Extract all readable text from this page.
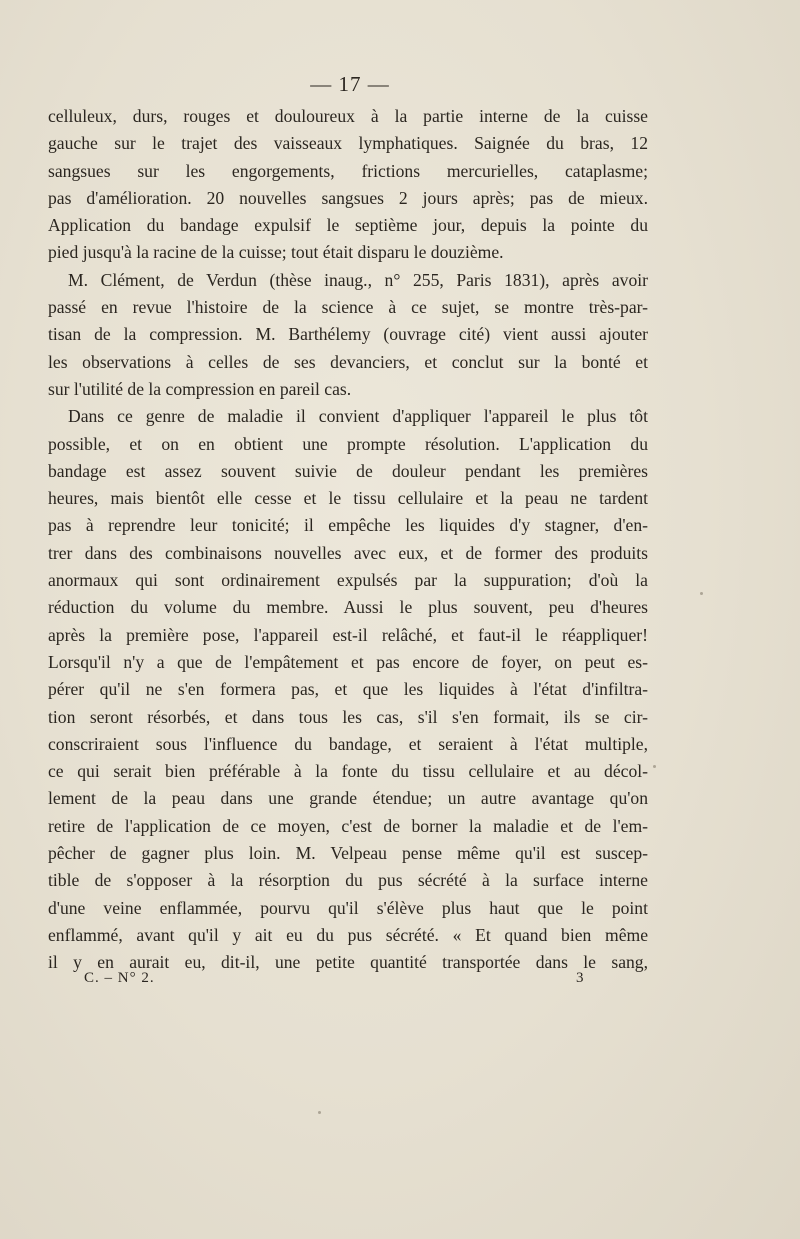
— 17 —
celluleux, durs, rouges et douloureux à la partie interne de la cuisse
gauche sur le trajet des vaisseaux lymphatiques. Saignée du bras, 12
sangsues sur les engorgements, frictions mercurielles, cataplasme;
pas d'amélioration. 20 nouvelles sangsues 2 jours après; pas de mieux.
Application du bandage expulsif le septième jour, depuis la pointe du
pied jusqu'à la racine de la cuisse; tout était disparu le douzième.
M. Clément, de Verdun (thèse inaug., n° 255, Paris 1831), après avoir
passé en revue l'histoire de la science à ce sujet, se montre très-par-
tisan de la compression. M. Barthélemy (ouvrage cité) vient aussi ajouter
les observations à celles de ses devanciers, et conclut sur la bonté et
sur l'utilité de la compression en pareil cas.
Dans ce genre de maladie il convient d'appliquer l'appareil le plus tôt
possible, et on en obtient une prompte résolution. L'application du
bandage est assez souvent suivie de douleur pendant les premières
heures, mais bientôt elle cesse et le tissu cellulaire et la peau ne tardent
pas à reprendre leur tonicité; il empêche les liquides d'y stagner, d'en-
trer dans des combinaisons nouvelles avec eux, et de former des produits
anormaux qui sont ordinairement expulsés par la suppuration; d'où la
réduction du volume du membre. Aussi le plus souvent, peu d'heures
après la première pose, l'appareil est-il relâché, et faut-il le réappliquer!
Lorsqu'il n'y a que de l'empâtement et pas encore de foyer, on peut es-
pérer qu'il ne s'en formera pas, et que les liquides à l'état d'infiltra-
tion seront résorbés, et dans tous les cas, s'il s'en formait, ils se cir-
conscriraient sous l'influence du bandage, et seraient à l'état multiple,
ce qui serait bien préférable à la fonte du tissu cellulaire et au décol-
lement de la peau dans une grande étendue; un autre avantage qu'on
retire de l'application de ce moyen, c'est de borner la maladie et de l'em-
pêcher de gagner plus loin. M. Velpeau pense même qu'il est suscep-
tible de s'opposer à la résorption du pus sécrété à la surface interne
d'une veine enflammée, pourvu qu'il s'élève plus haut que le point
enflammé, avant qu'il y ait eu du pus sécrété. « Et quand bien même
il y en aurait eu, dit-il, une petite quantité transportée dans le sang,
C. – N° 2.	3
